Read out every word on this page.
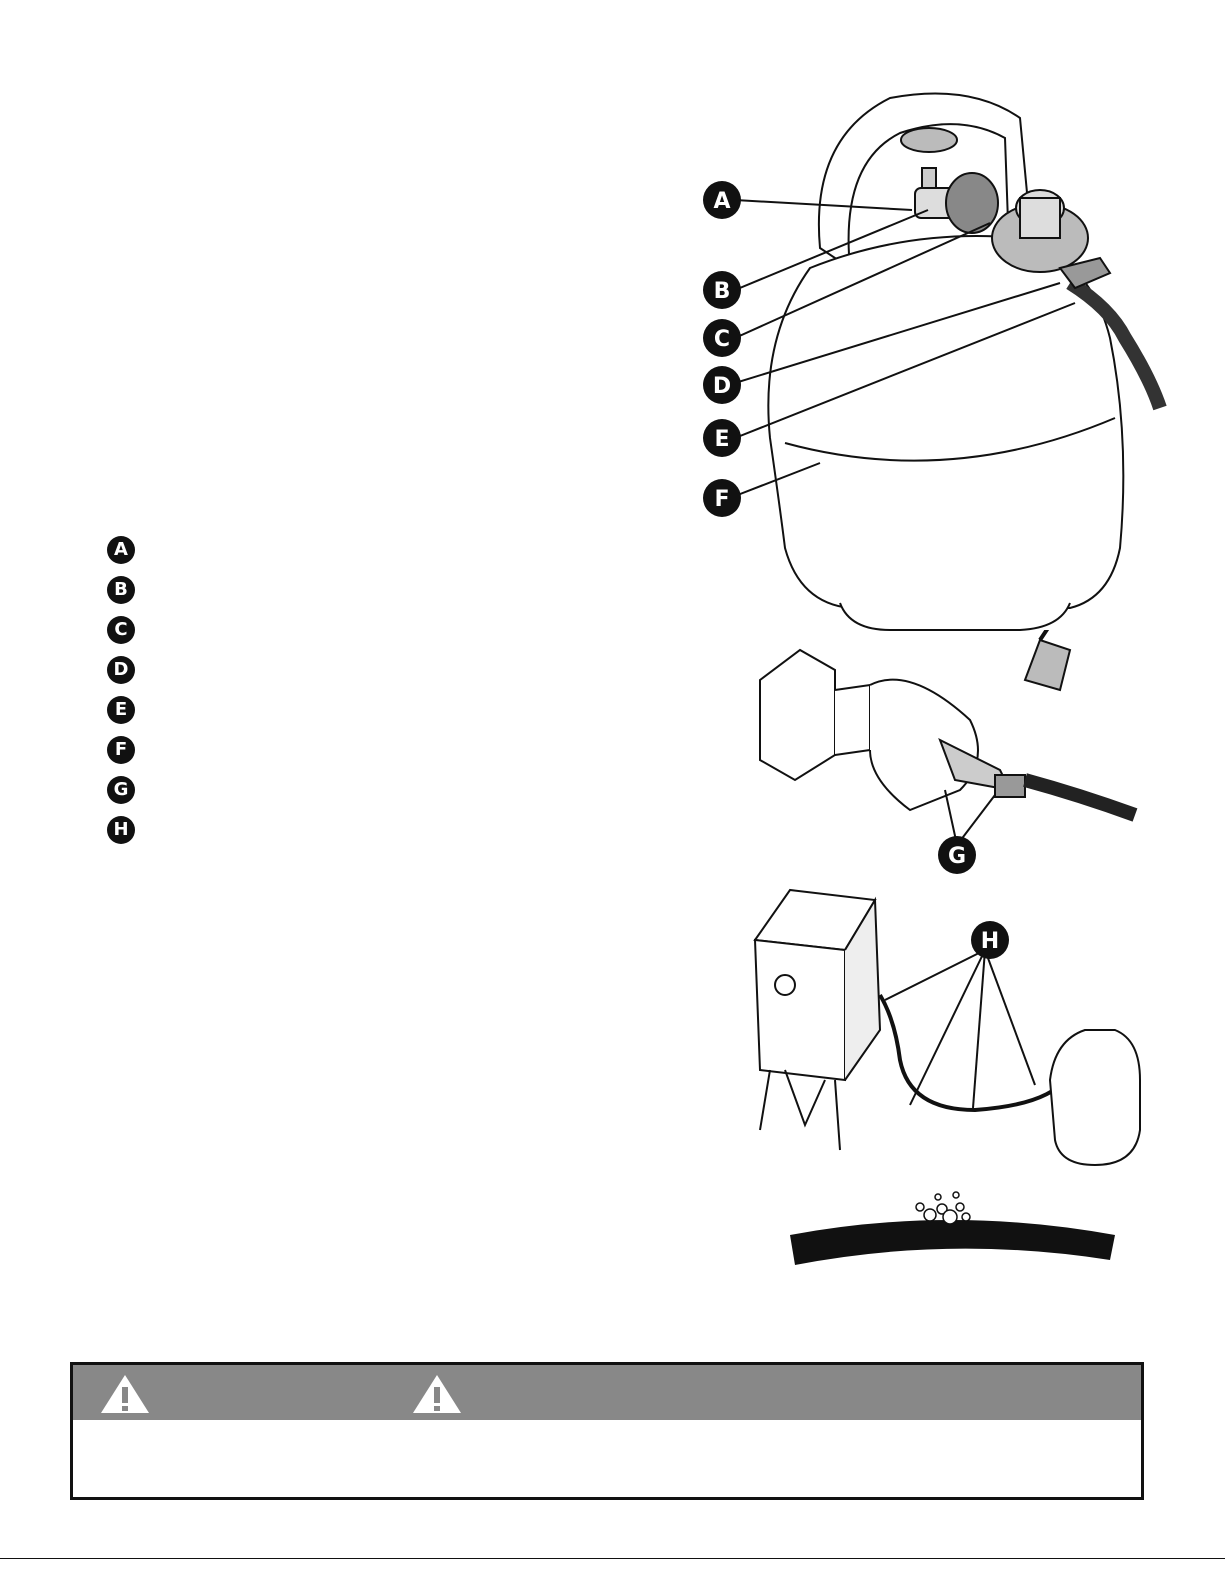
A
B
C
D
E
F
G
H
A
B
C
D
E
F
G
H
